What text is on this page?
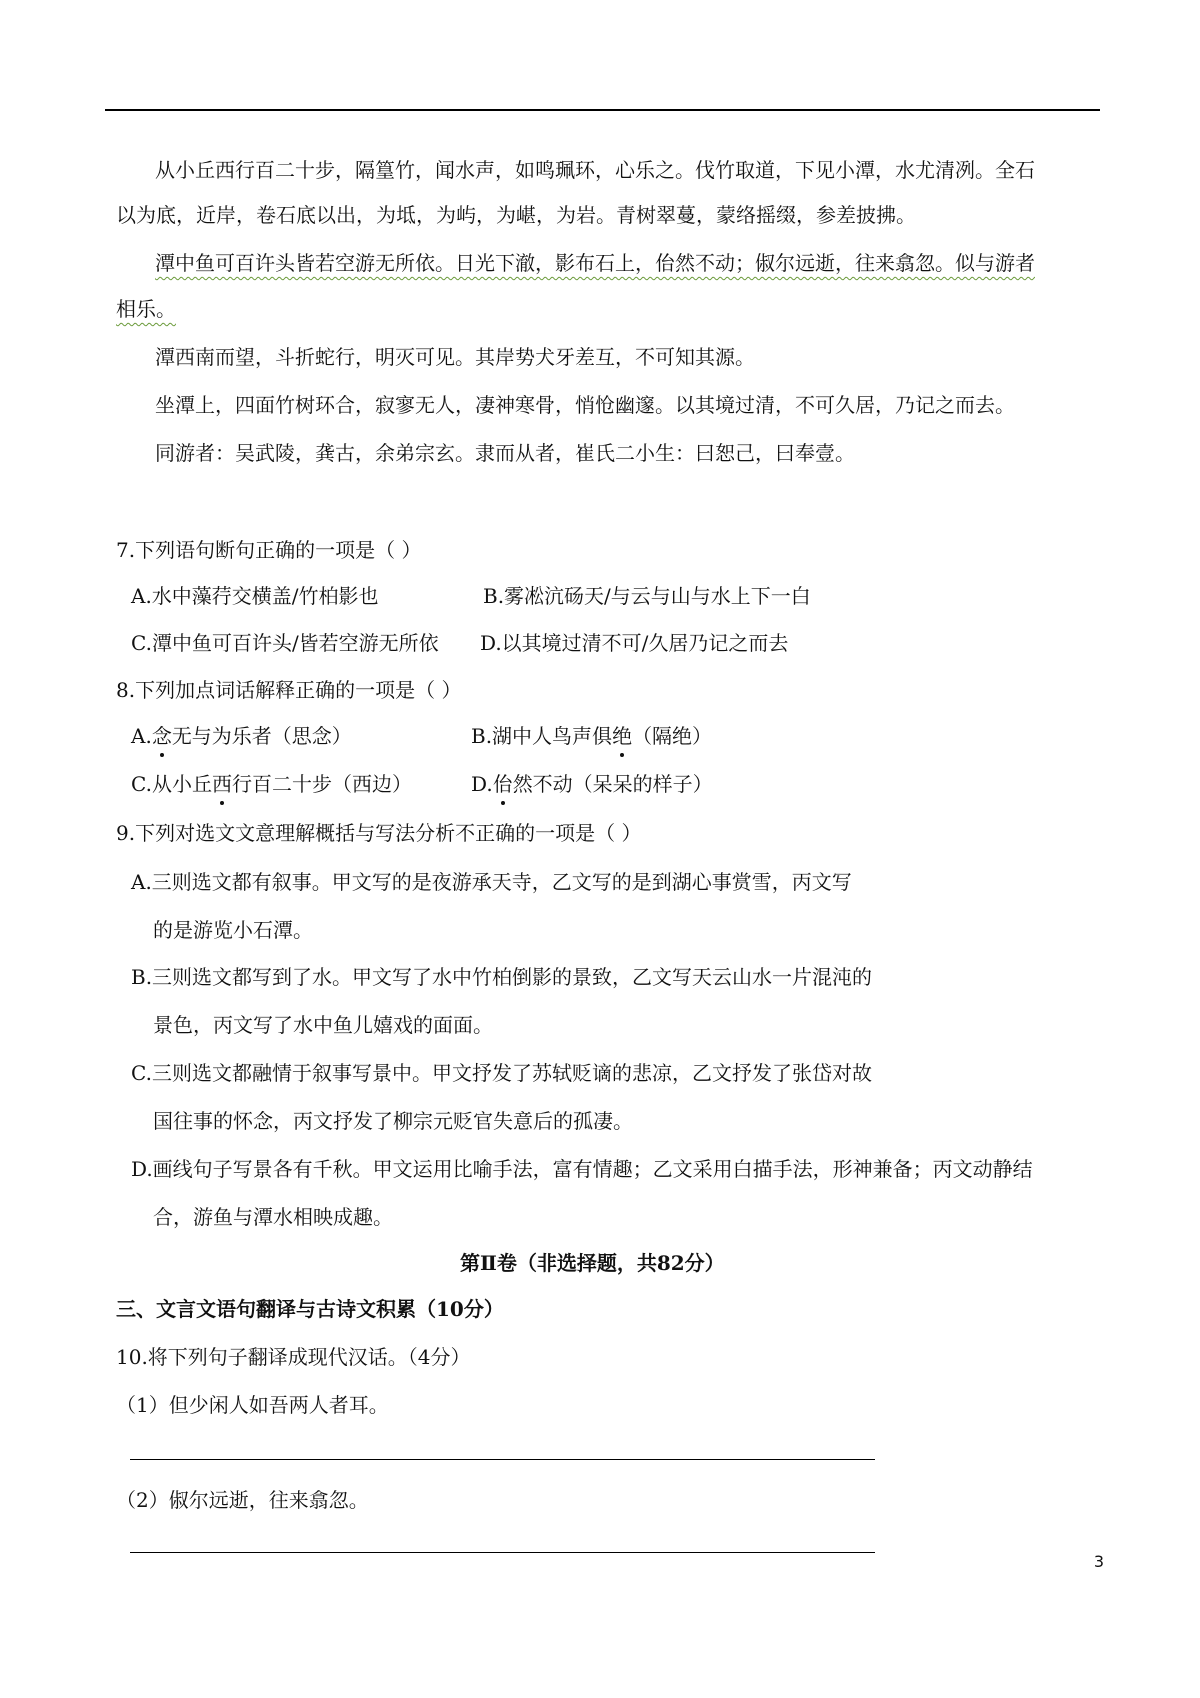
从小丘西行百二十步，隔篁竹，闻水声，如鸣珮环，心乐之。伐竹取道，下见小潭，水尤清冽。全石
以为底，近岸，卷石底以出，为坻，为屿，为嵁，为岩。青树翠蔓，蒙络摇缀，参差披拂。
潭中鱼可百许头皆若空游无所依。日光下澈，影布石上，佁然不动；俶尔远逝，往来翕忽。似与游者
相乐。
潭西南而望，斗折蛇行，明灭可见。其岸势犬牙差互，不可知其源。
坐潭上，四面竹树环合，寂寥无人，凄神寒骨，悄怆幽邃。以其境过清，不可久居，乃记之而去。
同游者：吴武陵，龚古，余弟宗玄。隶而从者，崔氏二小生：曰恕己，曰奉壹。
7.下列语句断句正确的一项是（ ）
A.水中藻荇交横盖/竹柏影也	B.雾凇沆砀天/与云与山与水上下一白
C.潭中鱼可百许头/皆若空游无所依 D.以其境过清不可/久居乃记之而去
8.下列加点词话解释正确的一项是（ ）
A.念无与为乐者（思念）	B.湖中人鸟声俱绝（隔绝）
C.从小丘西行百二十步（西边）	D.佁然不动（呆呆的样子）
9.下列对选文文意理解概括与写法分析不正确的一项是（ ）
A.三则选文都有叙事。甲文写的是夜游承天寺，乙文写的是到湖心事赏雪，丙文写
的是游览小石潭。
B.三则选文都写到了水。甲文写了水中竹柏倒影的景致，乙文写天云山水一片混沌的
景色，丙文写了水中鱼儿嬉戏的面面。
C.三则选文都融情于叙事写景中。甲文抒发了苏轼贬谪的悲凉，乙文抒发了张岱对故
国往事的怀念，丙文抒发了柳宗元贬官失意后的孤凄。
D.画线句子写景各有千秋。甲文运用比喻手法，富有情趣；乙文采用白描手法，形神兼备；丙文动静结
合，游鱼与潭水相映成趣。
第Ⅱ卷（非选择题，共82分）
三、文言文语句翻译与古诗文积累（10分）
10.将下列句子翻译成现代汉话。（4分）
（1）但少闲人如吾两人者耳。
（2）俶尔远逝，往来翕忽。
3
